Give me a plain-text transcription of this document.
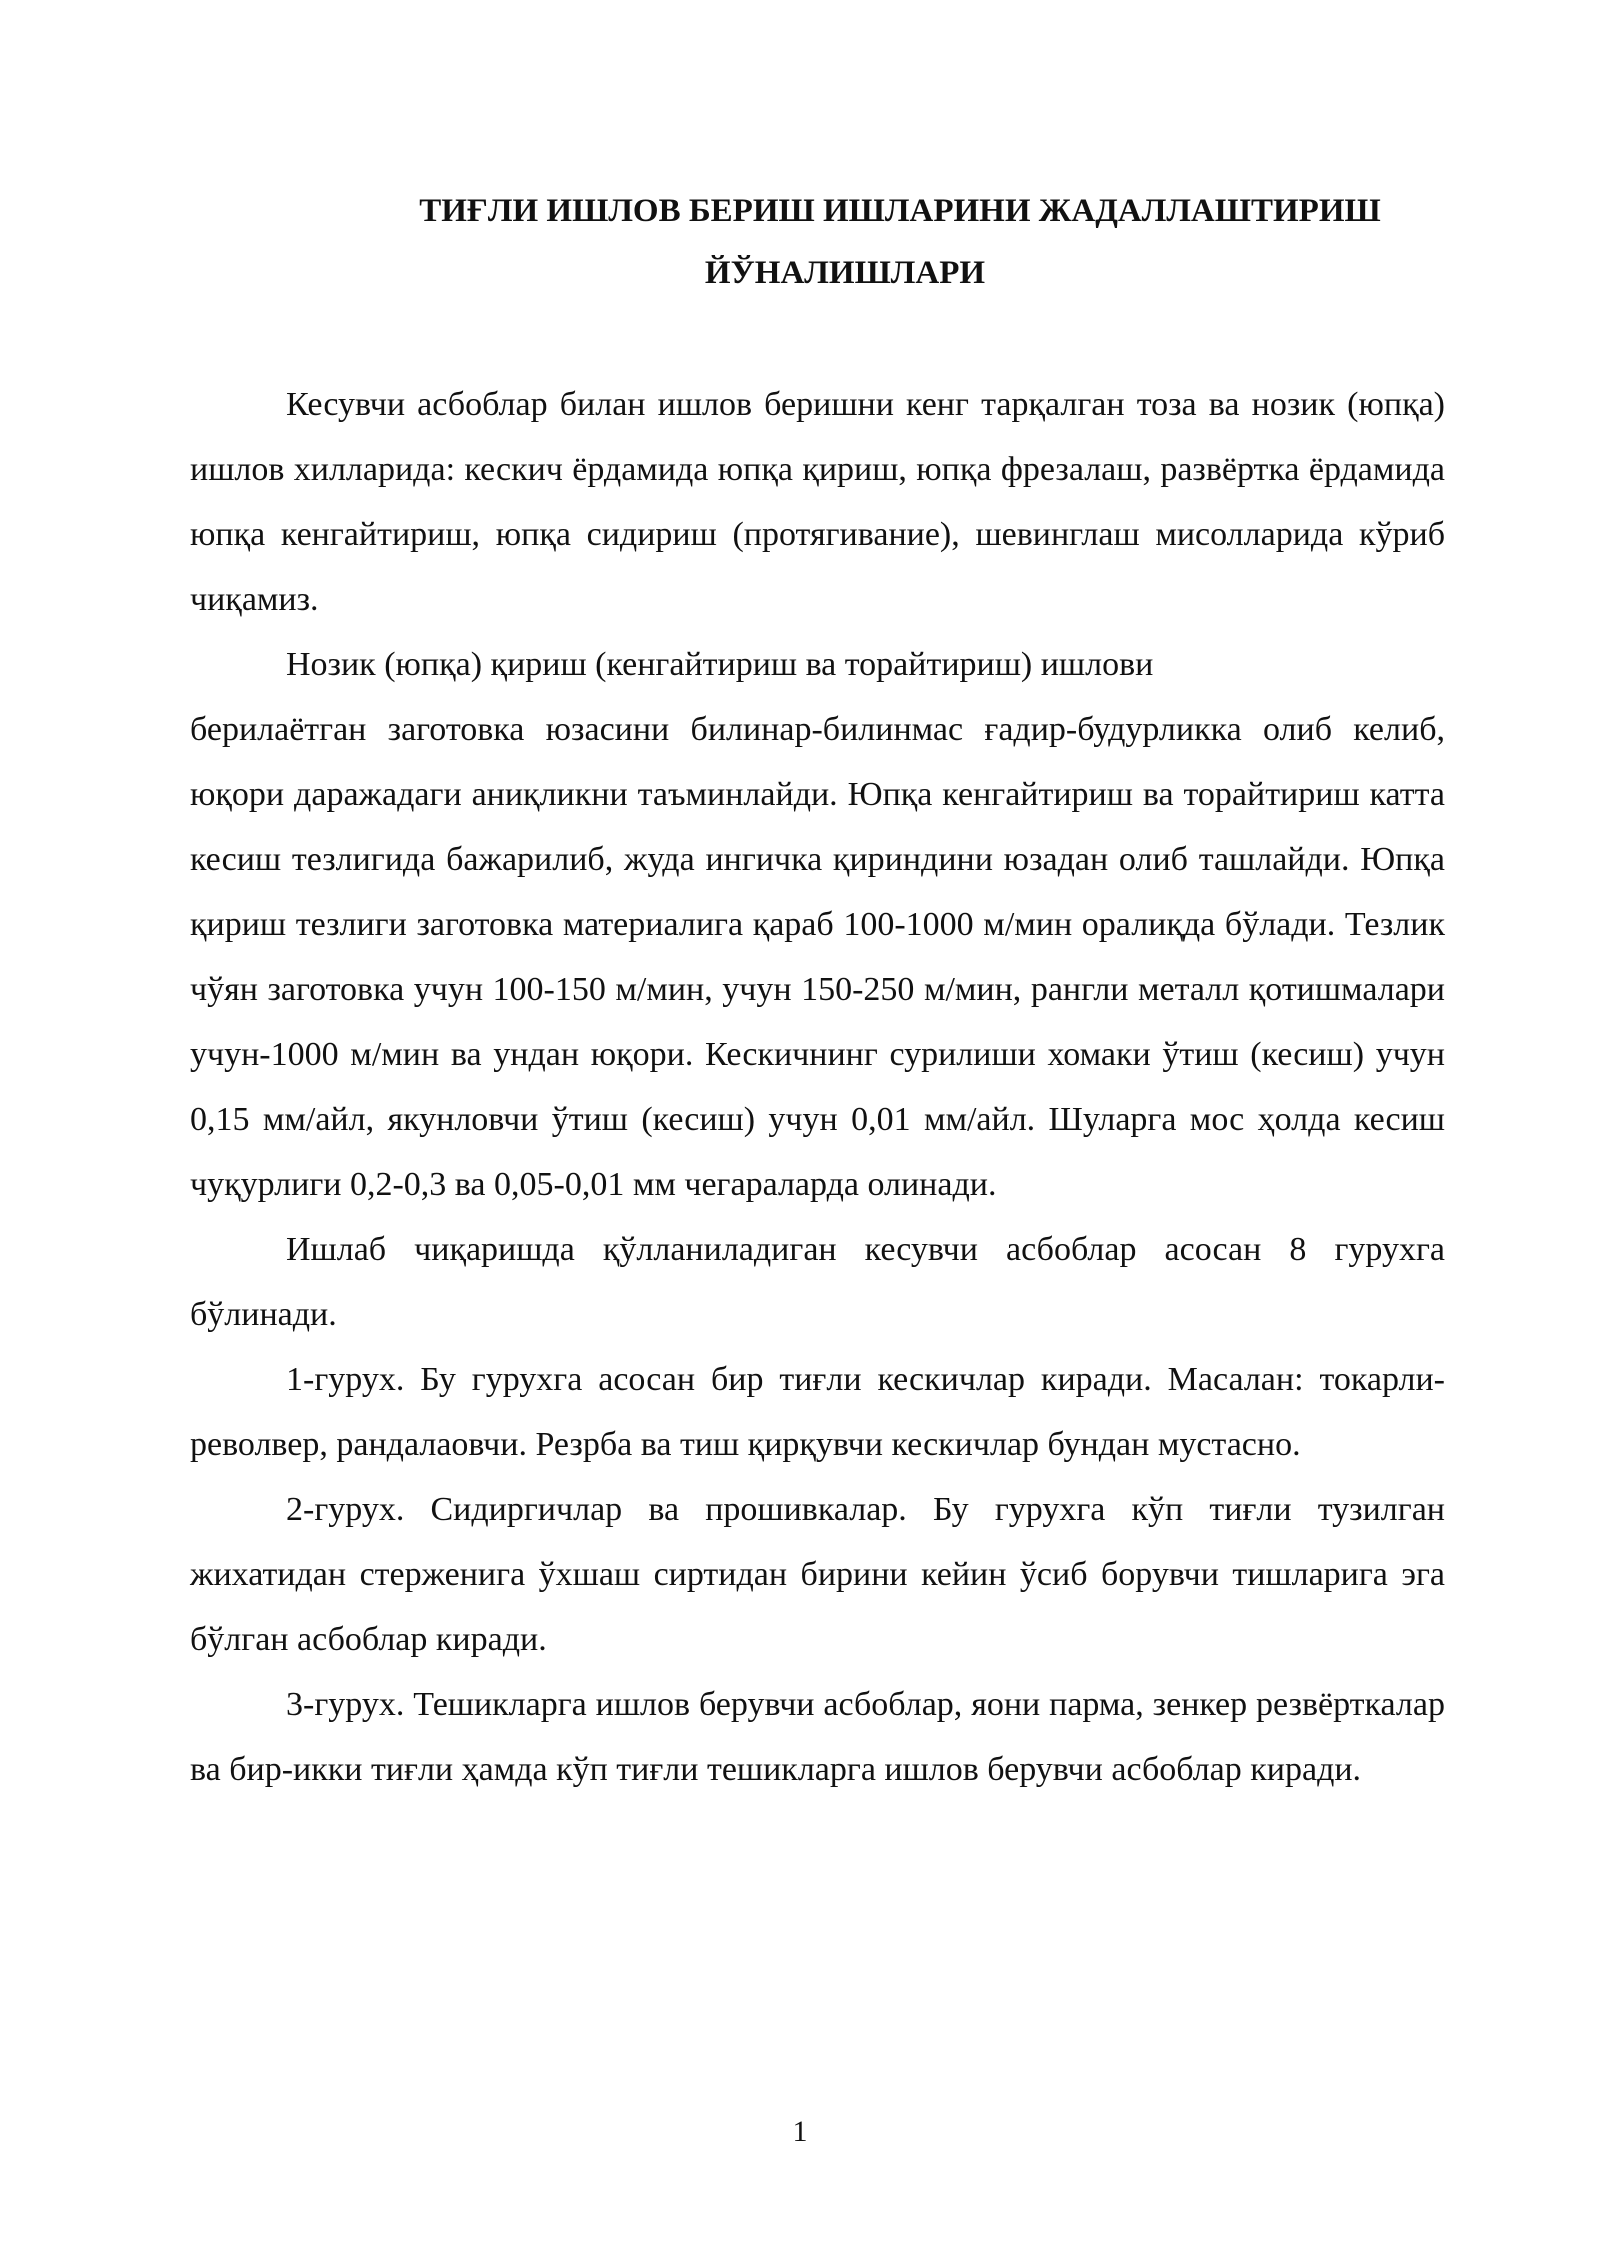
ТИҒЛИ ИШЛОВ БЕРИШ ИШЛАРИНИ ЖАДАЛЛАШТИРИШ
ЙЎНАЛИШЛАРИ

Кесувчи асбоблар билан ишлов беришни кенг тарқалган тоза ва нозик (юпқа) ишлов хилларида: кескич ёрдамида юпқа қириш, юпқа фрезалаш, развёртка ёрдамида юпқа кенгайтириш, юпқа сидириш (протягивание), шевинглаш мисолларида кўриб чиқамиз.

Нозик (юпқа) қириш (кенгайтириш ва торайтириш) ишлови

берилаётган заготовка юзасини билинар-билинмас ғадир-будурликка олиб келиб, юқори даражадаги аниқликни таъминлайди. Юпқа кенгайтириш ва торайтириш катта кесиш тезлигида бажарилиб, жуда ингичка қириндини юзадан олиб ташлайди. Юпқа қириш тезлиги заготовка материалига қараб 100-1000 м/мин оралиқда бўлади. Тезлик чўян заготовка учун 100-150 м/мин, учун 150-250 м/мин, рангли металл қотишмалари учун-1000 м/мин ва ундан юқори. Кескичнинг сурилиши хомаки ўтиш (кесиш) учун 0,15 мм/айл, якунловчи ўтиш (кесиш) учун 0,01 мм/айл. Шуларга мос ҳолда кесиш чуқурлиги 0,2-0,3 ва 0,05-0,01 мм чегараларда олинади.

Ишлаб чиқаришда қўлланиладиган кесувчи асбоблар асосан 8 гурухга бўлинади.

1-гурух. Бу гурухга асосан бир тиғли кескичлар киради. Масалан: токарли-револвер, рандалаовчи. Резрба ва тиш қирқувчи кескичлар бундан мустасно.

2-гурух. Сидиргичлар ва прошивкалар. Бу гурухга кўп тиғли тузилган жихатидан стерженига ўхшаш сиртидан бирини кейин ўсиб борувчи тишларига эга бўлган асбоблар киради.

3-гурух. Тешикларга ишлов берувчи асбоблар, яони парма, зенкер резвёрткалар ва бир-икки тиғли ҳамда кўп тиғли тешикларга ишлов берувчи асбоблар киради.

1
